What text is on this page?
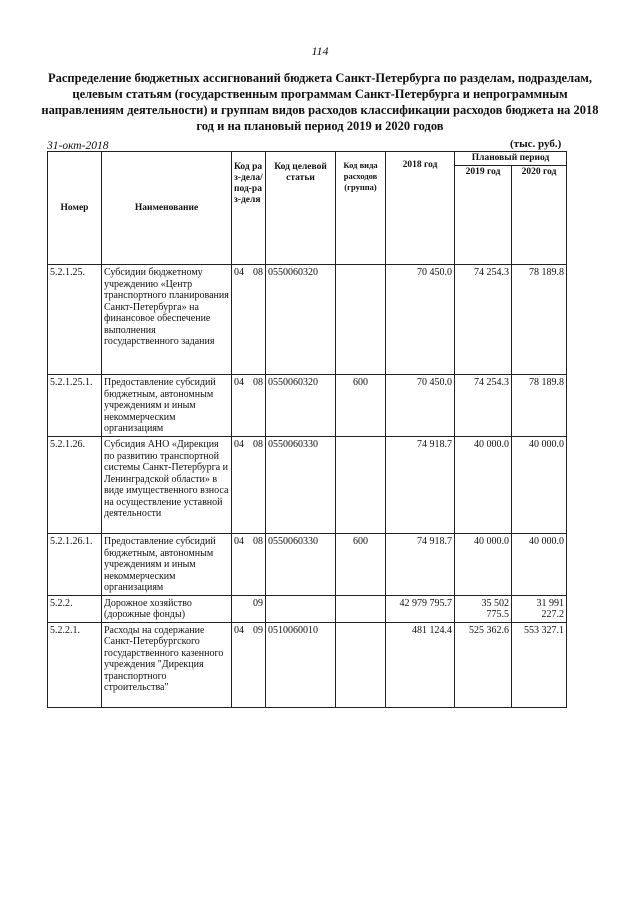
114
Распределение бюджетных ассигнований бюджета Санкт-Петербурга по разделам, подразделам, целевым статьям (государственным программам Санкт-Петербурга и непрограммным направлениям деятельности) и группам видов расходов классификации расходов бюджета на 2018 год и на плановый период 2019 и 2020 годов
31-окт-2018	(тыс. руб.)
Номер	Наименование	Код раз-дела/ под-раз-деля		Код целевой статьи	Код вида расходов (группа)	2018 год	Плановый период	
							2019 год	2020 год
5.2.1.25.	Субсидии бюджетному учреждению «Центр транспортного планирования Санкт-Петербурга» на финансовое обеспечение выполнения государственного задания	04	08	0550060320		70 450.0	74 254.3	78 189.8
5.2.1.25.1.	Предоставление субсидий бюджетным, автономным учреждениям и иным некоммерческим организациям	04	08	0550060320	600	70 450.0	74 254.3	78 189.8
5.2.1.26.	Субсидия АНО «Дирекция по развитию транспортной системы Санкт-Петербурга и Ленинградской области» в виде имущественного взноса на осуществление уставной деятельности	04	08	0550060330		74 918.7	40 000.0	40 000.0
5.2.1.26.1.	Предоставление субсидий бюджетным, автономным учреждениям и иным некоммерческим организациям	04	08	0550060330	600	74 918.7	40 000.0	40 000.0
5.2.2.	Дорожное хозяйство (дорожные фонды)		09			42 979 795.7	35 502 775.5	31 991 227.2
5.2.2.1.	Расходы на содержание Санкт-Петербургского государственного казенного учреждения "Дирекция транспортного строительства"	04	09	0510060010		481 124.4	525 362.6	553 327.1
